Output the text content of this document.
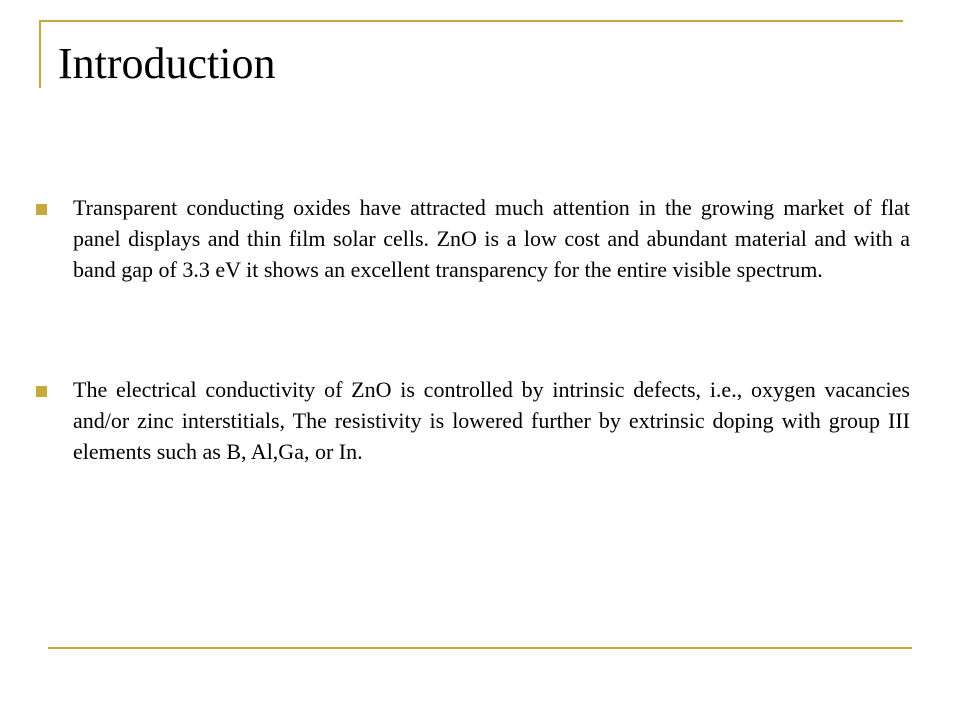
Introduction
Transparent conducting oxides have attracted much attention in the growing market of flat panel displays and thin film solar cells. ZnO is a low cost and abundant material and with a band gap of 3.3 eV it shows an excellent transparency for the entire visible spectrum.
The electrical conductivity of ZnO is controlled by intrinsic defects, i.e., oxygen vacancies and/or zinc interstitials, The resistivity is lowered further by extrinsic doping with group III elements such as B, Al,Ga, or In.
